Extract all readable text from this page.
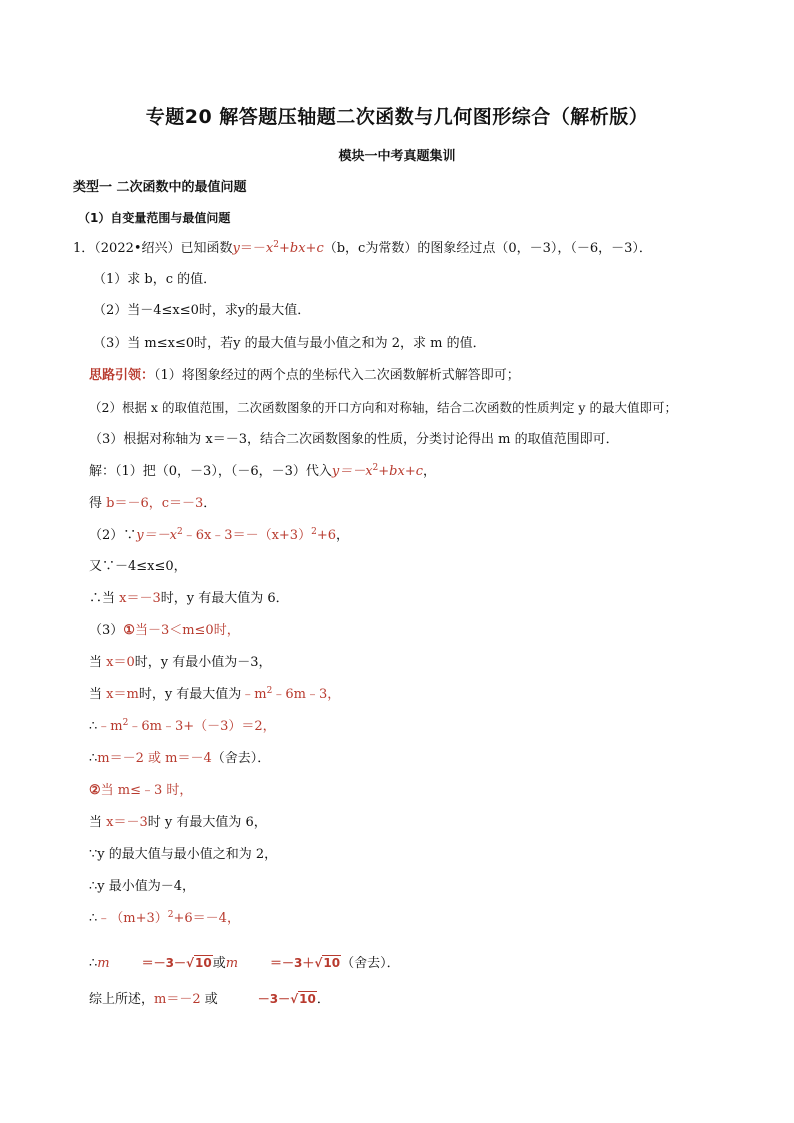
专题20 解答题压轴题二次函数与几何图形综合（解析版）
模块一中考真题集训
类型一 二次函数中的最值问题
（1）自变量范围与最值问题
1．（2022•绍兴）已知函数$y=-x^2+bx+c(b$，c为常数）的图象经过点（0，－3），（－6，－3）．
（1）求 b，c 的值．
（2）当－4≤x≤0时，求y的最大值．
（3）当 m≤x≤0时，若y 的最大值与最小值之和为 2，求 m 的值．
思路引领：（1）将图象经过的两个点的坐标代入二次函数解析式解答即可；
（2）根据 x 的取值范围，二次函数图象的开口方向和对称轴，结合二次函数的性质判定 y 的最大值即可；
（3）根据对称轴为 x＝－3，结合二次函数图象的性质，分类讨论得出 m 的取值范围即可．
解：（1）把（0，－3），（－6，－3）代入$y=-x^2+bx+c$，
得 b＝－6，c＝－3．
$(2)\because y=-x^2﹣6x﹣3=-(x+3)^2+6$，
又∵－4≤x≤0，
∴当 x＝－3时，y 有最大值为 6．
（3）①当－3＜m≤0时，
当 x＝0时，y 有最小值为－3，
当 x＝m时，y 有最大值为$﹣m^2﹣6m﹣3$，
$\therefore﹣m^2﹣6m﹣3+(-3)=2$，
∴m＝－2 或 m＝－4（舍去）．
②当 m≤﹣3 时，
当 x＝－3时 y 有最大值为 6，
∵y 的最大值与最小值之和为 2，
∴y 最小值为－4，
$\therefore﹣(m+3)^2+6=-4$，
∴m	＝－3－√10或m	＝－3＋√10（舍去）．
综上所述，m＝－2 或	－3－√10．
